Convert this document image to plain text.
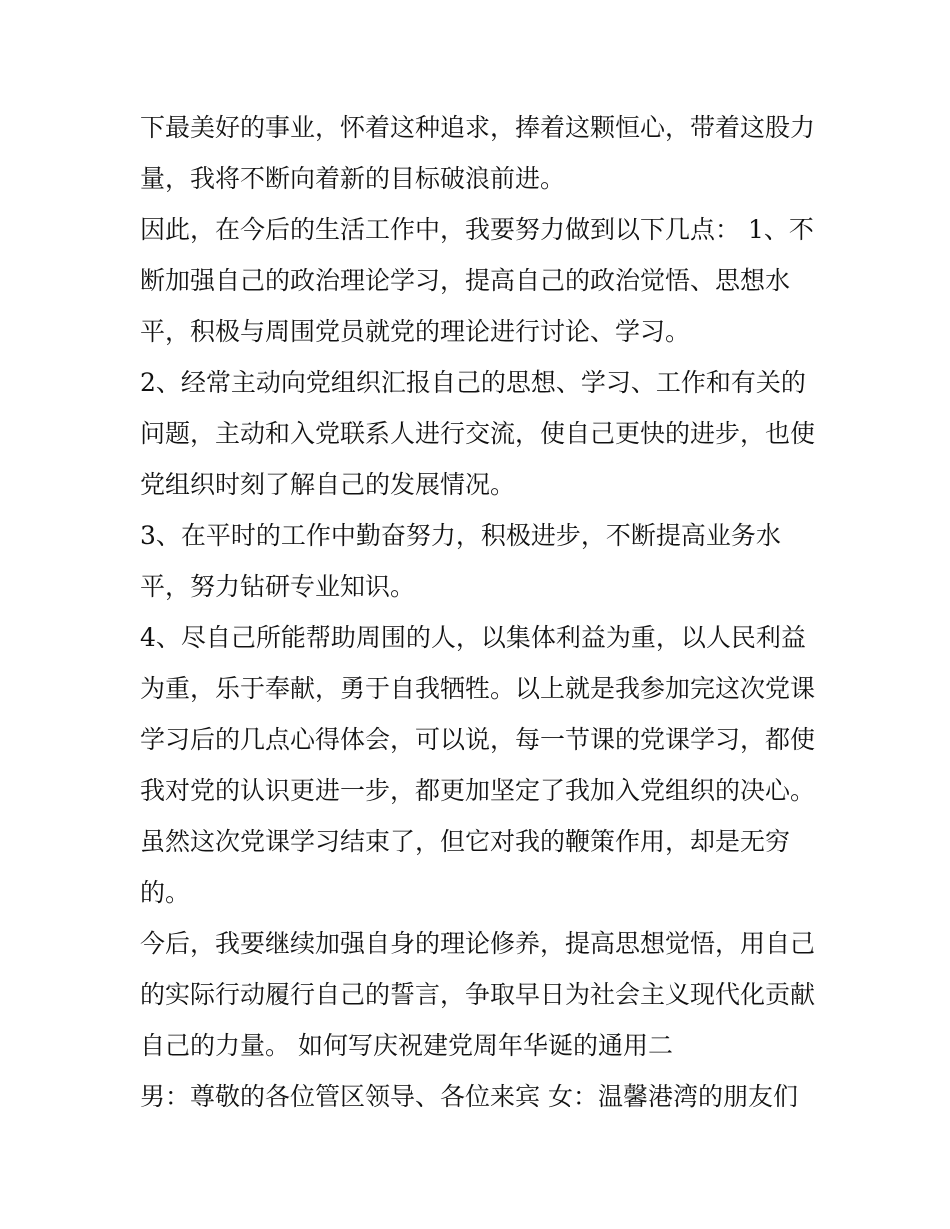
下最美好的事业，怀着这种追求，捧着这颗恒心，带着这股力

量，我将不断向着新的目标破浪前进。

因此，在今后的生活工作中，我要努力做到以下几点： 1、不

断加强自己的政治理论学习，提高自己的政治觉悟、思想水

平，积极与周围党员就党的理论进行讨论、学习。

2、经常主动向党组织汇报自己的思想、学习、工作和有关的

问题，主动和入党联系人进行交流，使自己更快的进步，也使

党组织时刻了解自己的发展情况。

3、在平时的工作中勤奋努力，积极进步，不断提高业务水

平，努力钻研专业知识。

4、尽自己所能帮助周围的人，以集体利益为重，以人民利益

为重，乐于奉献，勇于自我牺牲。以上就是我参加完这次党课

学习后的几点心得体会，可以说，每一节课的党课学习，都使

我对党的认识更进一步，都更加坚定了我加入党组织的决心。

虽然这次党课学习结束了，但它对我的鞭策作用，却是无穷

的。

今后，我要继续加强自身的理论修养，提高思想觉悟，用自己

的实际行动履行自己的誓言，争取早日为社会主义现代化贡献

自己的力量。 如何写庆祝建党周年华诞的通用二

男：尊敬的各位管区领导、各位来宾 女：温馨港湾的朋友们
